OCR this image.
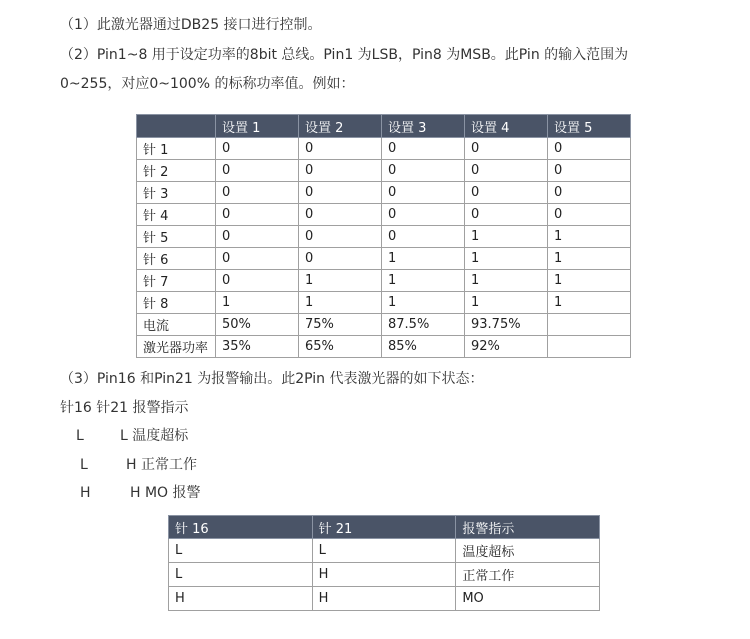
（1）此激光器通过DB25 接口进行控制。
（2）Pin1~8 用于设定功率的8bit 总线。Pin1 为LSB，Pin8 为MSB。此Pin 的输入范围为
0~255，对应0~100% 的标称功率值。例如：
	设置 1	设置 2	设置 3	设置 4	设置 5
针 1	0	0	0	0	0
针 2	0	0	0	0	0
针 3	0	0	0	0	0
针 4	0	0	0	0	0
针 5	0	0	0	1	1
针 6	0	0	1	1	1
针 7	0	1	1	1	1
针 8	1	1	1	1	1
电流	50%	75%	87.5%	93.75%	
激光器功率	35%	65%	85%	92%	
（3）Pin16 和Pin21 为报警输出。此2Pin 代表激光器的如下状态：
针16 针21 报警指示
L	L 温度超标
L	H 正常工作
H	H MO 报警
针 16	针 21	报警指示
L	L	温度超标
L	H	正常工作
H	H	MO
